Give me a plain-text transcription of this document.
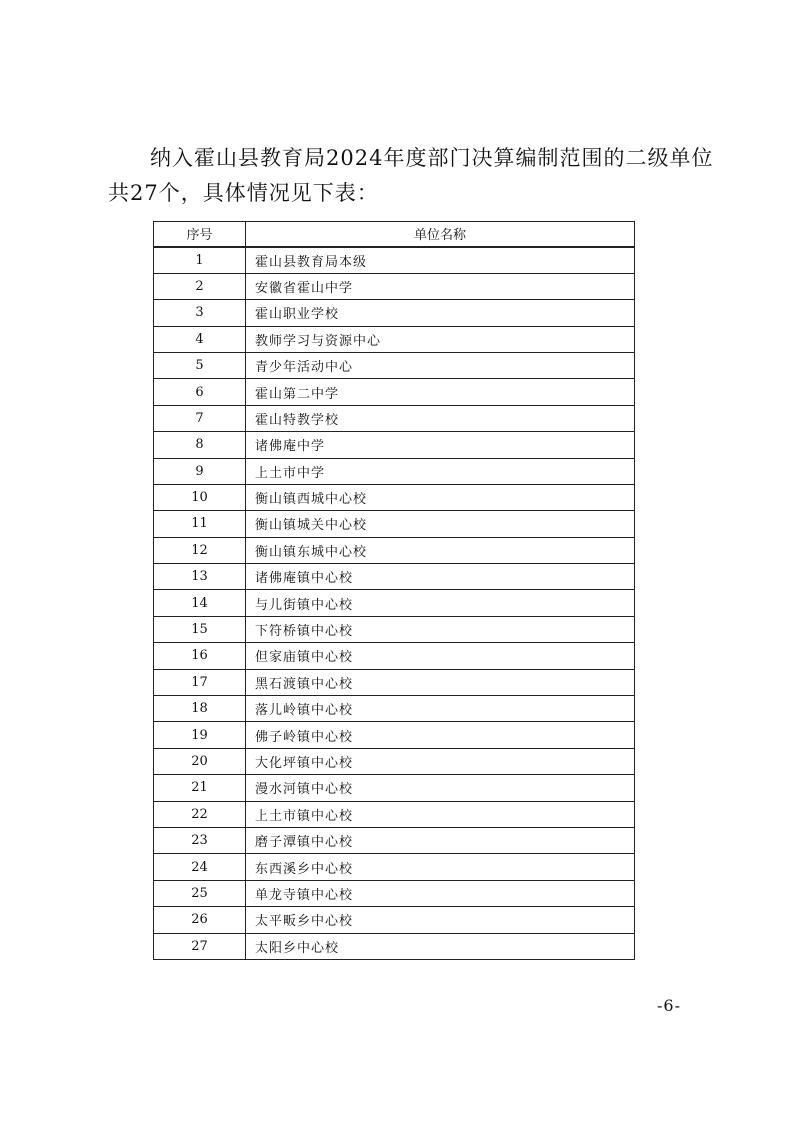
纳入霍山县教育局2024年度部门决算编制范围的二级单位
共27个，具体情况见下表：
序号	单位名称
1	霍山县教育局本级
2	安徽省霍山中学
3	霍山职业学校
4	教师学习与资源中心
5	青少年活动中心
6	霍山第二中学
7	霍山特教学校
8	诸佛庵中学
9	上土市中学
10	衡山镇西城中心校
11	衡山镇城关中心校
12	衡山镇东城中心校
13	诸佛庵镇中心校
14	与儿街镇中心校
15	下符桥镇中心校
16	但家庙镇中心校
17	黑石渡镇中心校
18	落儿岭镇中心校
19	佛子岭镇中心校
20	大化坪镇中心校
21	漫水河镇中心校
22	上土市镇中心校
23	磨子潭镇中心校
24	东西溪乡中心校
25	单龙寺镇中心校
26	太平畈乡中心校
27	太阳乡中心校
-6-
